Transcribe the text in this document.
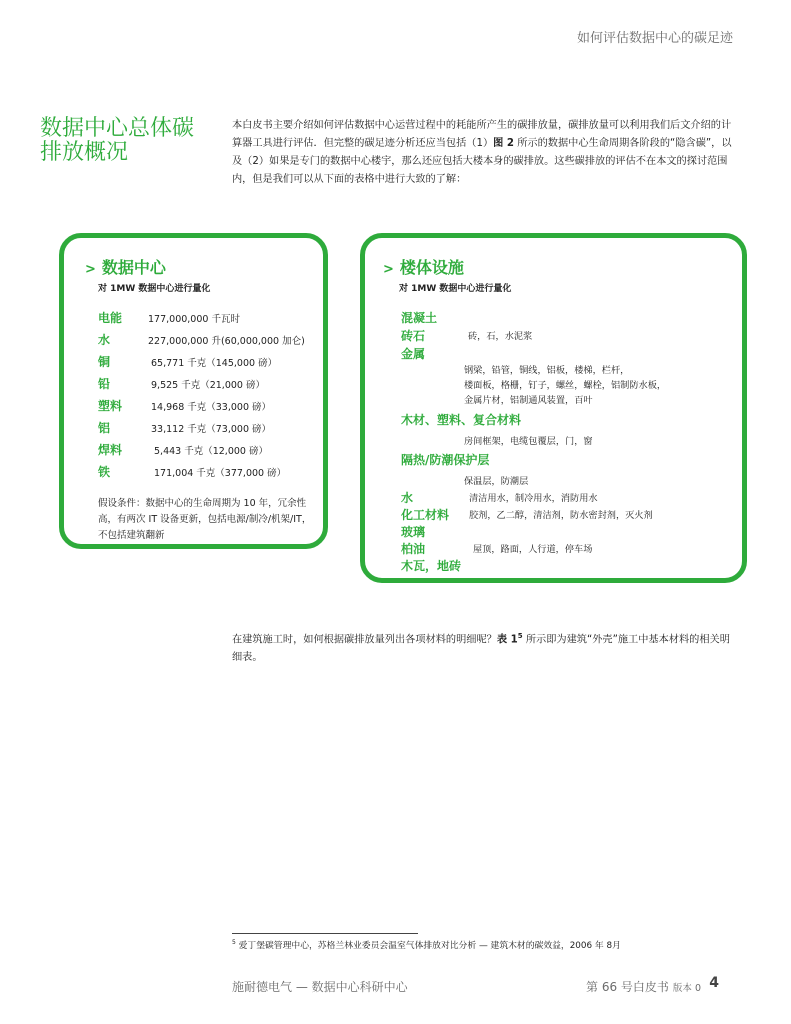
如何评估数据中心的碳足迹
数据中心总体碳排放概况
本白皮书主要介绍如何评估数据中心运营过程中的耗能所产生的碳排放量，碳排放量可以利用我们后文介绍的计算器工具进行评估．但完整的碳足迹分析还应当包括（1）图 2 所示的数据中心生命周期各阶段的“隐含碳”，以及（2）如果是专门的数据中心楼宇，那么还应包括大楼本身的碳排放。这些碳排放的评估不在本文的探讨范围内，但是我们可以从下面的表格中进行大致的了解：
> 数据中心
对 1MW 数据中心进行量化
电能	177,000,000 千瓦时
水	227,000,000 升(60,000,000 加仑)
铜	65,771 千克（145,000 磅）
铅	9,525 千克（21,000 磅）
塑料	14,968 千克（33,000 磅）
铝	33,112 千克（73,000 磅）
焊料	5,443 千克（12,000 磅）
铁	171,004 千克（377,000 磅）
假设条件：数据中心的生命周期为 10 年，冗余性高，有两次 IT 设备更新，包括电源/制冷/机架/IT，不包括建筑翻新
> 楼体设施
对 1MW 数据中心进行量化
混凝土
砖石	砖，石，水泥浆
金属
钢梁，铅管，铜线，铝板，楼梯，栏杆，
楼面板，格栅，钉子，螺丝，螺栓，铝制防水板，
金属片材，铝制通风装置，百叶
木材、塑料、复合材料
房间框架，电缆包覆层，门，窗
隔热/防潮保护层
保温层，防潮层
水	清洁用水，制冷用水，消防用水
化工材料 胶剂，乙二醇，清洁剂，防水密封剂，灭火剂
玻璃
柏油	屋顶，路面，人行道，停车场
木瓦，地砖
在建筑施工时，如何根据碳排放量列出各项材料的明细呢？表 $1^5$ 所示即为建筑“外壳”施工中基本材料的相关明细表。
$^5$ 爱丁堡碳管理中心，苏格兰林业委员会温室气体排放对比分析 — 建筑木材的碳效益，2006 年 8月
施耐德电气 — 数据中心科研中心	第 66 号白皮书 版本 0 4
